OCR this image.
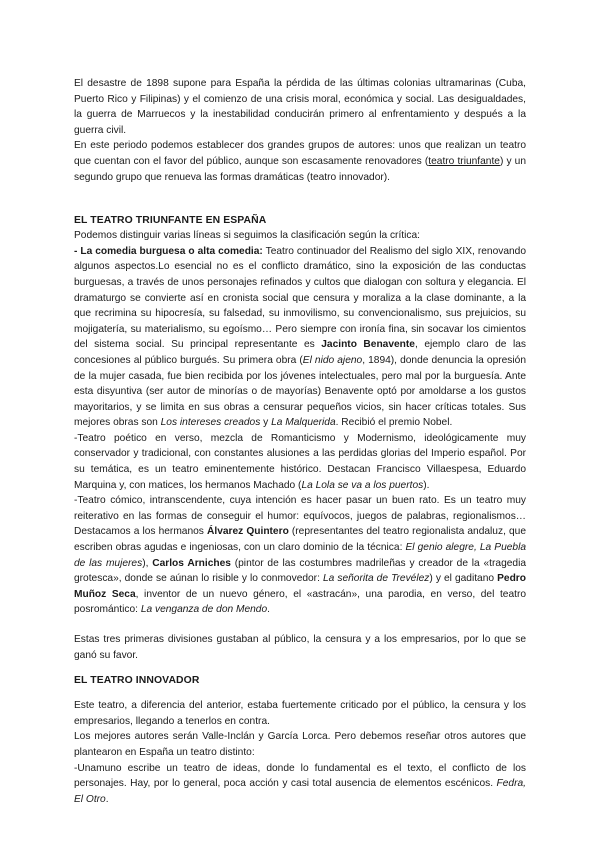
El desastre de 1898 supone para España la pérdida de las últimas colonias ultramarinas (Cuba, Puerto Rico y Filipinas) y el comienzo de una crisis moral, económica y social. Las desigualdades, la guerra de Marruecos y la inestabilidad conducirán primero al enfrentamiento y después a la guerra civil.

En este periodo podemos establecer dos grandes grupos de autores: unos que realizan un teatro que cuentan con el favor del público, aunque son escasamente renovadores (teatro triunfante) y un segundo grupo que renueva las formas dramáticas (teatro innovador).

EL TEATRO TRIUNFANTE EN ESPAÑA

Podemos distinguir varias líneas si seguimos la clasificación según la crítica:

- La comedia burguesa o alta comedia: Teatro continuador del Realismo del siglo XIX, renovando algunos aspectos.Lo esencial no es el conflicto dramático, sino la exposición de las conductas burguesas, a través de unos personajes refinados y cultos que dialogan con soltura y elegancia. El dramaturgo se convierte así en cronista social que censura y moraliza a la clase dominante, a la que recrimina su hipocresía, su falsedad, su inmovilismo, su convencionalismo, sus prejuicios, su mojigatería, su materialismo, su egoísmo… Pero siempre con ironía fina, sin socavar los cimientos del sistema social. Su principal representante es Jacinto Benavente, ejemplo claro de las concesiones al público burgués. Su primera obra (El nido ajeno, 1894), donde denuncia la opresión de la mujer casada, fue bien recibida por los jóvenes intelectuales, pero mal por la burguesía. Ante esta disyuntiva (ser autor de minorías o de mayorías) Benavente optó por amoldarse a los gustos mayoritarios, y se limita en sus obras a censurar pequeños vicios, sin hacer críticas totales. Sus mejores obras son Los intereses creados y La Malquerida. Recibió el premio Nobel.

-Teatro poético en verso, mezcla de Romanticismo y Modernismo, ideológicamente muy conservador y tradicional, con constantes alusiones a las perdidas glorias del Imperio español. Por su temática, es un teatro eminentemente histórico. Destacan Francisco Villaespesa, Eduardo Marquina y, con matices, los hermanos Machado (La Lola se va a los puertos).

-Teatro cómico, intranscendente, cuya intención es hacer pasar un buen rato. Es un teatro muy reiterativo en las formas de conseguir el humor: equívocos, juegos de palabras, regionalismos… Destacamos a los hermanos Álvarez Quintero (representantes del teatro regionalista andaluz, que escriben obras agudas e ingeniosas, con un claro dominio de la técnica: El genio alegre, La Puebla de las mujeres), Carlos Arniches (pintor de las costumbres madrileñas y creador de la «tragedia grotesca», donde se aúnan lo risible y lo conmovedor: La señorita de Trevélez) y el gaditano Pedro Muñoz Seca, inventor de un nuevo género, el «astracán», una parodia, en verso, del teatro posromántico: La venganza de don Mendo.

Estas tres primeras divisiones gustaban al público, la censura y a los empresarios, por lo que se ganó su favor.

EL TEATRO INNOVADOR

Este teatro, a diferencia del anterior, estaba fuertemente criticado por el público, la censura y los empresarios, llegando a tenerlos en contra.

Los mejores autores serán Valle-Inclán y García Lorca. Pero debemos reseñar otros autores que plantearon en España un teatro distinto:

-Unamuno escribe un teatro de ideas, donde lo fundamental es el texto, el conflicto de los personajes. Hay, por lo general, poca acción y casi total ausencia de elementos escénicos. Fedra, El Otro.
